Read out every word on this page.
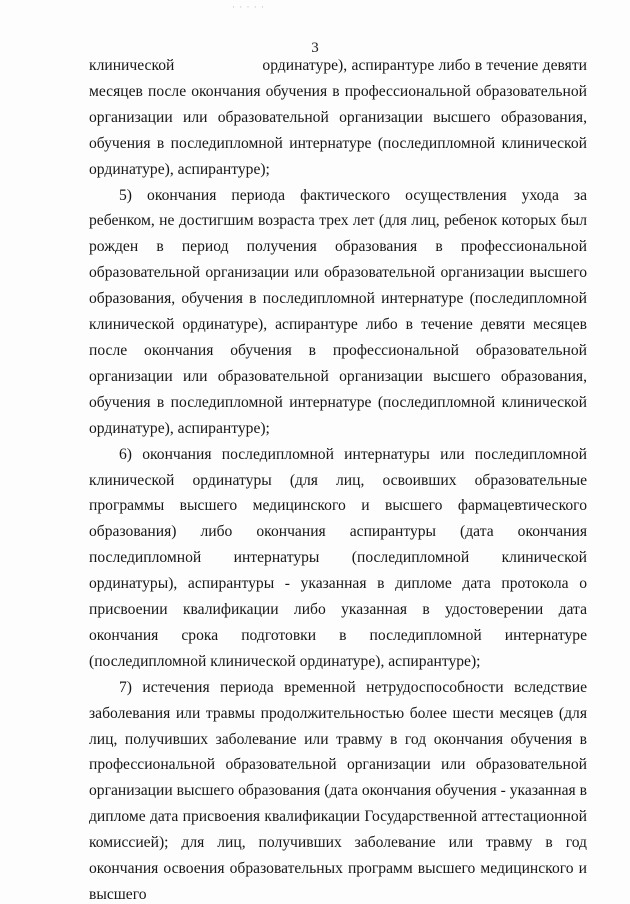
· · · · ·
3

клинической	ординатуре), аспирантуре либо в течение девяти месяцев после окончания обучения в профессиональной образовательной организации или образовательной организации высшего образования, обучения в последипломной интернатуре (последипломной клинической ординатуре), аспирантуре);

5) окончания периода фактического осуществления ухода за ребенком, не достигшим возраста трех лет (для лиц, ребенок которых был рожден в период получения образования в профессиональной образовательной организации или образовательной организации высшего образования, обучения в последипломной интернатуре (последипломной клинической ординатуре), аспирантуре либо в течение девяти месяцев после окончания обучения в профессиональной образовательной организации или образовательной организации высшего образования, обучения в последипломной интернатуре (последипломной клинической ординатуре), аспирантуре);

6) окончания последипломной интернатуры или последипломной клинической ординатуры (для лиц, освоивших образовательные программы высшего медицинского и высшего фармацевтического образования) либо окончания аспирантуры (дата окончания последипломной интернатуры (последипломной клинической ординатуры), аспирантуры - указанная в дипломе дата протокола о присвоении квалификации либо указанная в удостоверении дата окончания срока подготовки в последипломной интернатуре (последипломной клинической ординатуре), аспирантуре);

7) истечения периода временной нетрудоспособности вследствие заболевания или травмы продолжительностью более шести месяцев (для лиц, получивших заболевание или травму в год окончания обучения в профессиональной образовательной организации или образовательной организации высшего образования (дата окончания обучения - указанная в дипломе дата присвоения квалификации Государственной аттестационной комиссией); для лиц, получивших заболевание или травму в год окончания освоения образовательных программ высшего медицинского и высшего
